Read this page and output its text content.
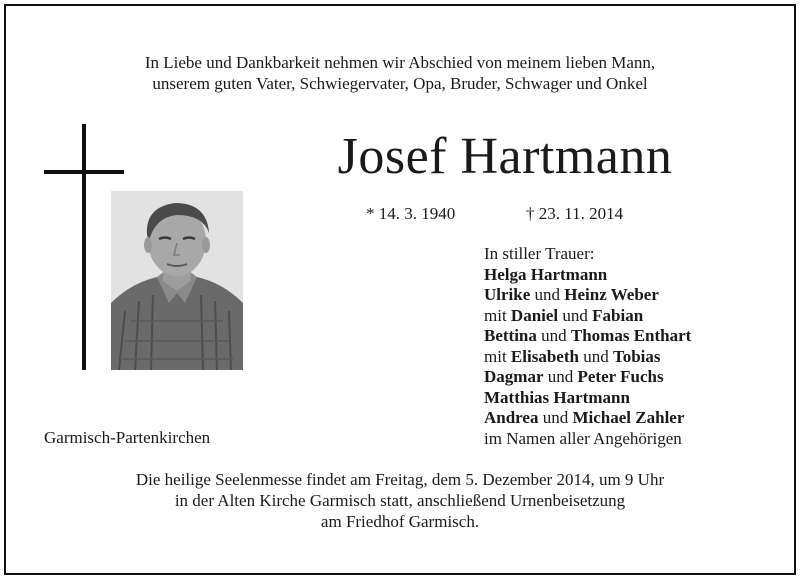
In Liebe und Dankbarkeit nehmen wir Abschied von meinem lieben Mann,
unserem guten Vater, Schwiegervater, Opa, Bruder, Schwager und Onkel
Josef Hartmann
* 14. 3. 1940	† 23. 11. 2014
In stiller Trauer:
Helga Hartmann
Ulrike und Heinz Weber
mit Daniel und Fabian
Bettina und Thomas Enthart
mit Elisabeth und Tobias
Dagmar und Peter Fuchs
Matthias Hartmann
Andrea und Michael Zahler
im Namen aller Angehörigen
Garmisch-Partenkirchen
Die heilige Seelenmesse findet am Freitag, dem 5. Dezember 2014, um 9 Uhr
in der Alten Kirche Garmisch statt, anschließend Urnenbeisetzung
am Friedhof Garmisch.
